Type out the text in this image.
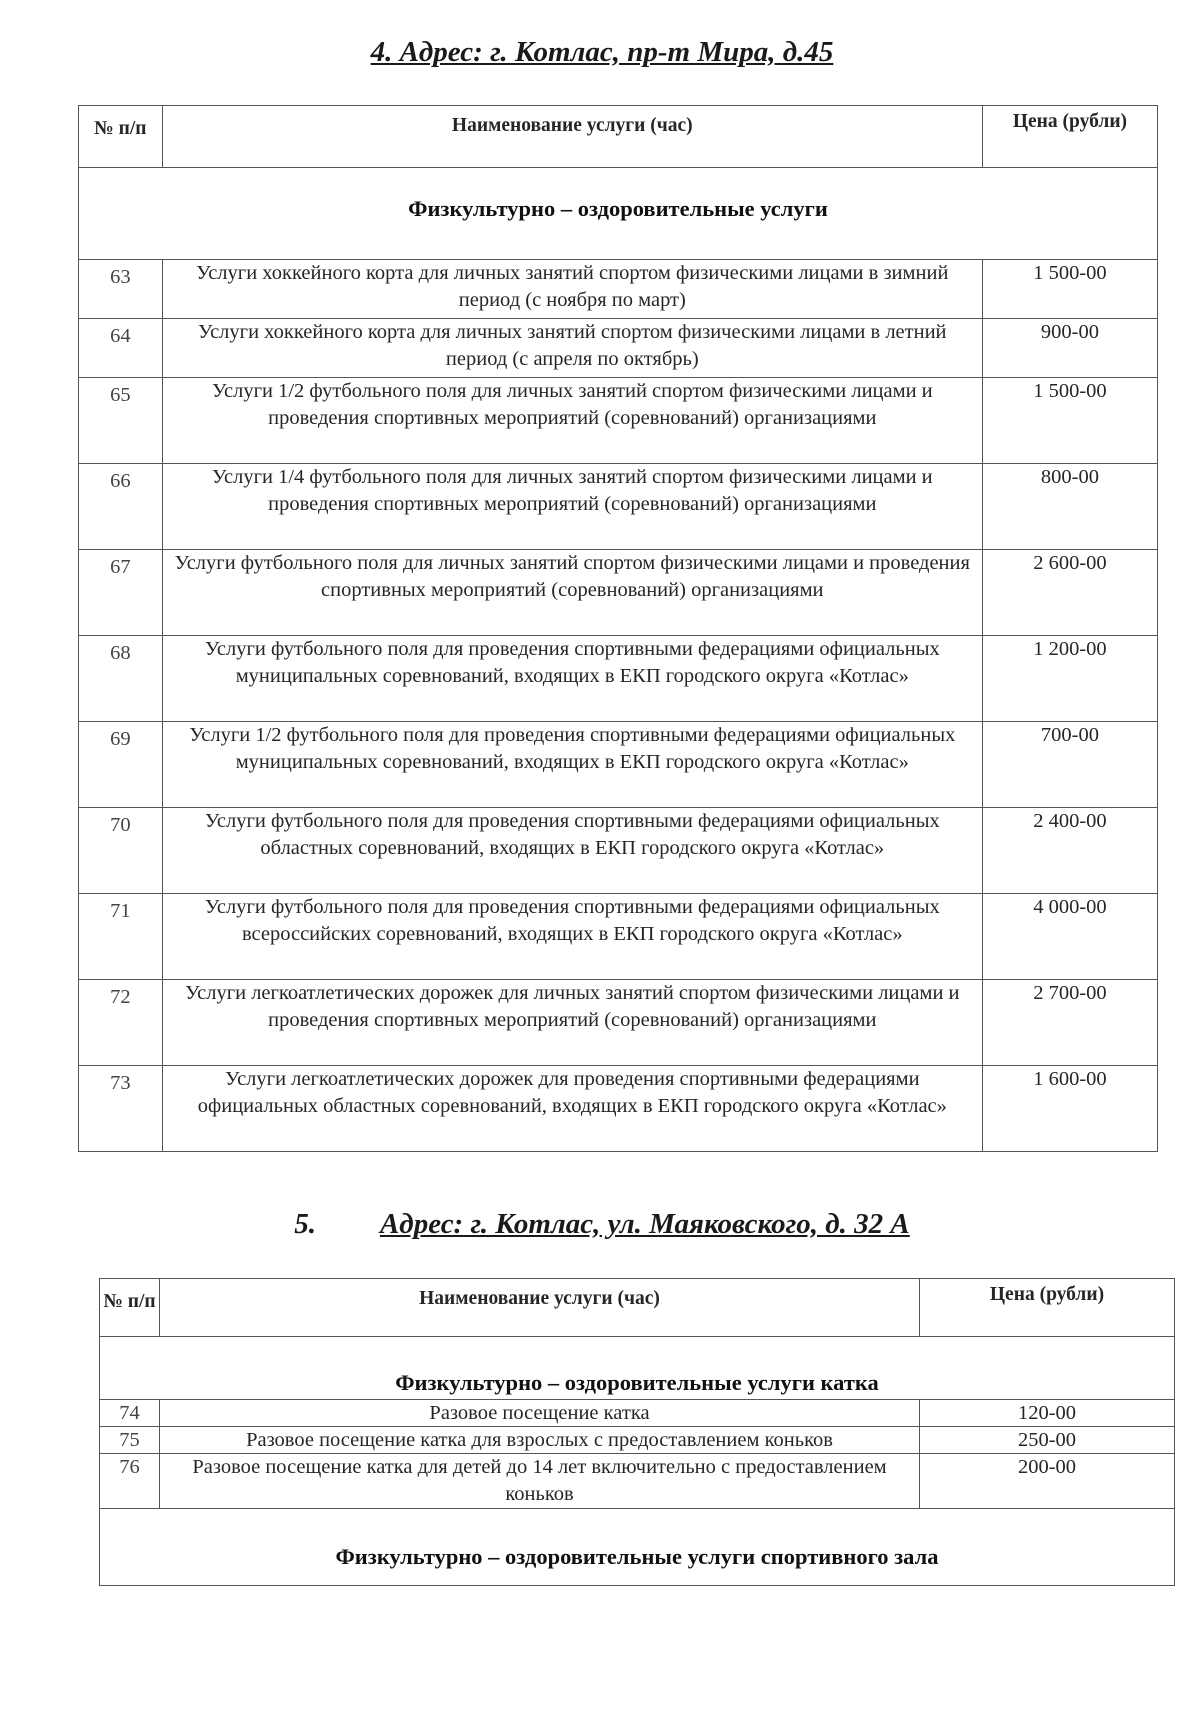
4. Адрес: г. Котлас, пр-т Мира, д.45
№ п/п	Наименование услуги (час)	Цена (рубли)
Физкультурно – оздоровительные услуги		
63	Услуги хоккейного корта для личных занятий спортом физическими лицами в зимний период (с ноября по март)	1 500-00
64	Услуги хоккейного корта для личных занятий спортом физическими лицами в летний период (с апреля по октябрь)	900-00
65	Услуги 1/2 футбольного поля для личных занятий спортом физическими лицами и проведения спортивных мероприятий (соревнований) организациями	1 500-00
66	Услуги 1/4 футбольного поля для личных занятий спортом физическими лицами и проведения спортивных мероприятий (соревнований) организациями	800-00
67	Услуги футбольного поля для личных занятий спортом физическими лицами и проведения спортивных мероприятий (соревнований) организациями	2 600-00
68	Услуги футбольного поля для проведения спортивными федерациями официальных муниципальных соревнований, входящих в ЕКП городского округа «Котлас»	1 200-00
69	Услуги 1/2 футбольного поля для проведения спортивными федерациями официальных муниципальных соревнований, входящих в ЕКП городского округа «Котлас»	700-00
70	Услуги футбольного поля для проведения спортивными федерациями официальных областных соревнований, входящих в ЕКП городского округа «Котлас»	2 400-00
71	Услуги футбольного поля для проведения спортивными федерациями официальных всероссийских соревнований, входящих в ЕКП городского округа «Котлас»	4 000-00
72	Услуги легкоатлетических дорожек для личных занятий спортом физическими лицами и проведения спортивных мероприятий (соревнований) организациями	2 700-00
73	Услуги легкоатлетических дорожек для проведения спортивными федерациями официальных областных соревнований, входящих в ЕКП городского округа «Котлас»	1 600-00
5. Адрес: г. Котлас, ул. Маяковского, д. 32 А
№ п/п	Наименование услуги (час)	Цена (рубли)
Физкультурно – оздоровительные услуги катка		
74	Разовое посещение катка	120-00
75	Разовое посещение катка для взрослых с предоставлением коньков	250-00
76	Разовое посещение катка для детей до 14 лет включительно с предоставлением коньков	200-00
Физкультурно – оздоровительные услуги спортивного зала		
